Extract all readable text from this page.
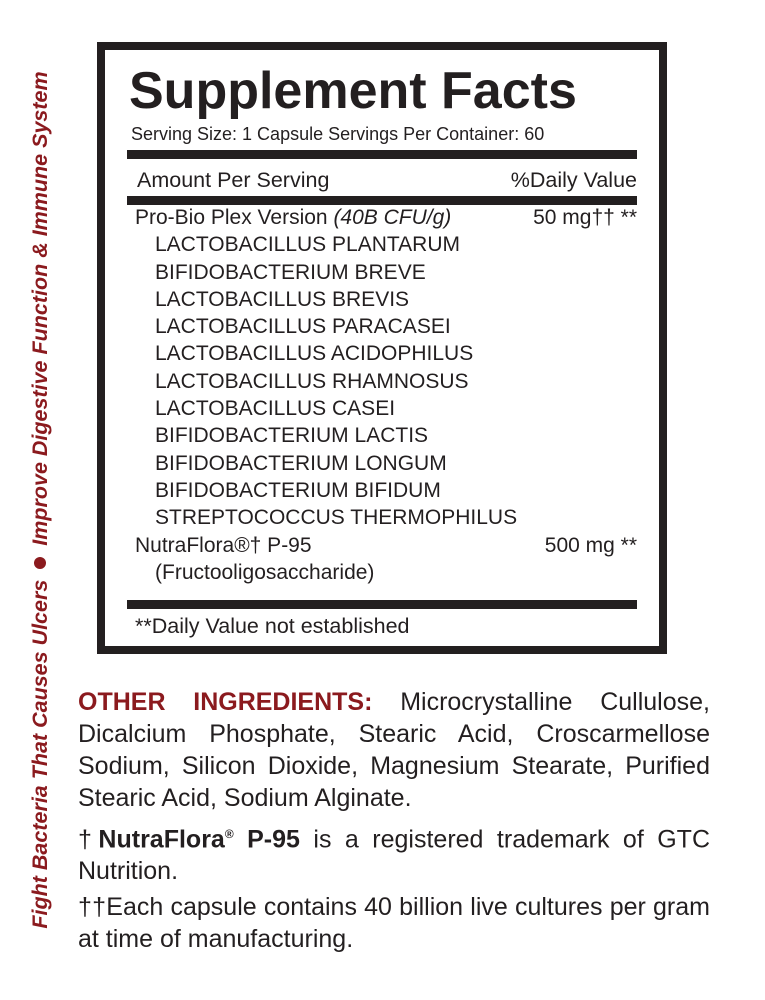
Fight Bacteria That Causes Ulcers
Improve Digestive Function & Immune System Supplement Facts
Serving Size: 1 Capsule Servings Per Container: 60
Amount Per Serving	%Daily Value
Pro-Bio Plex Version (40B CFU/g)	50 mg†† **
LACTOBACILLUS PLANTARUM
BIFIDOBACTERIUM BREVE
LACTOBACILLUS BREVIS
LACTOBACILLUS PARACASEI
LACTOBACILLUS ACIDOPHILUS
LACTOBACILLUS RHAMNOSUS
LACTOBACILLUS CASEI
BIFIDOBACTERIUM LACTIS
BIFIDOBACTERIUM LONGUM
BIFIDOBACTERIUM BIFIDUM
STREPTOCOCCUS THERMOPHILUS
NutraFlora®† P-95	500 mg **
(Fructooligosaccharide)
**Daily Value not established

OTHER INGREDIENTS: Microcrystalline Cullulose, Dicalcium Phosphate, Stearic Acid, Croscarmellose Sodium, Silicon Dioxide, Magnesium Stearate, Purified Stearic Acid, Sodium Alginate.

†NutraFlora® P-95 is a registered trademark of GTC Nutrition.

††Each capsule contains 40 billion live cultures per gram at time of manufacturing.
